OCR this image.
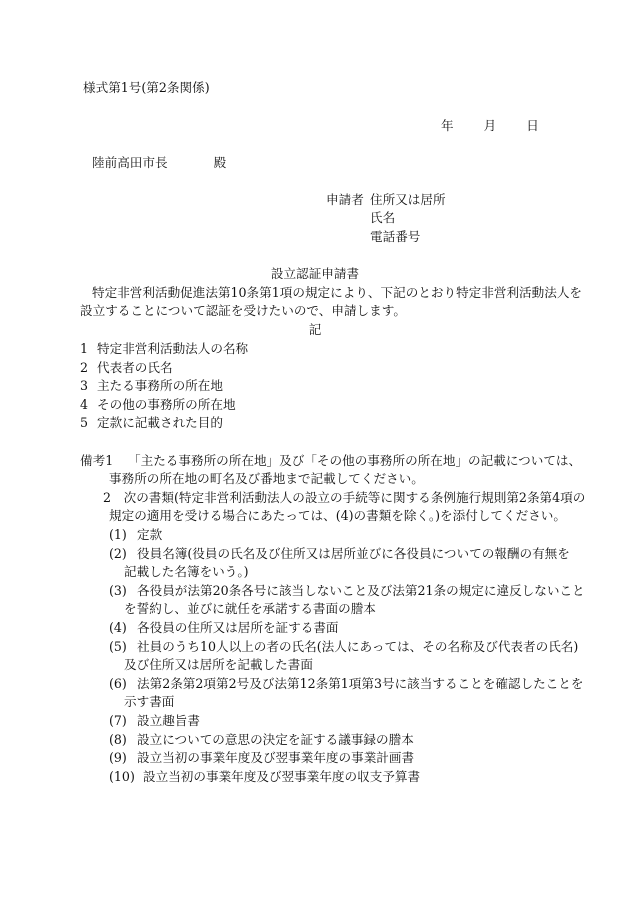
様式第1号(第2条関係)
年 月 日
陸前高田市長	殿
申請者 住所又は居所
氏名
電話番号
設立認証申請書
特定非営利活動促進法第10条第1項の規定により、下記のとおり特定非営利活動法人を
設立することについて認証を受けたいので、申請します。
記
1 特定非営利活動法人の名称
2 代表者の氏名
3 主たる事務所の所在地
4 その他の事務所の所在地
5 定款に記載された目的
備考1 「主たる事務所の所在地」及び「その他の事務所の所在地」の記載については、
事務所の所在地の町名及び番地まで記載してください。
2　次の書類(特定非営利活動法人の設立の手続等に関する条例施行規則第2条第4項の
規定の適用を受ける場合にあたっては、(4)の書類を除く。)を添付してください。
(1) 定款
(2) 役員名簿(役員の氏名及び住所又は居所並びに各役員についての報酬の有無を
記載した名簿をいう。)
(3) 各役員が法第20条各号に該当しないこと及び法第21条の規定に違反しないこと
を誓約し、並びに就任を承諾する書面の謄本
(4) 各役員の住所又は居所を証する書面
(5) 社員のうち10人以上の者の氏名(法人にあっては、その名称及び代表者の氏名)
及び住所又は居所を記載した書面
(6) 法第2条第2項第2号及び法第12条第1項第3号に該当することを確認したことを
示す書面
(7) 設立趣旨書
(8) 設立についての意思の決定を証する議事録の謄本
(9) 設立当初の事業年度及び翌事業年度の事業計画書
(10) 設立当初の事業年度及び翌事業年度の収支予算書
